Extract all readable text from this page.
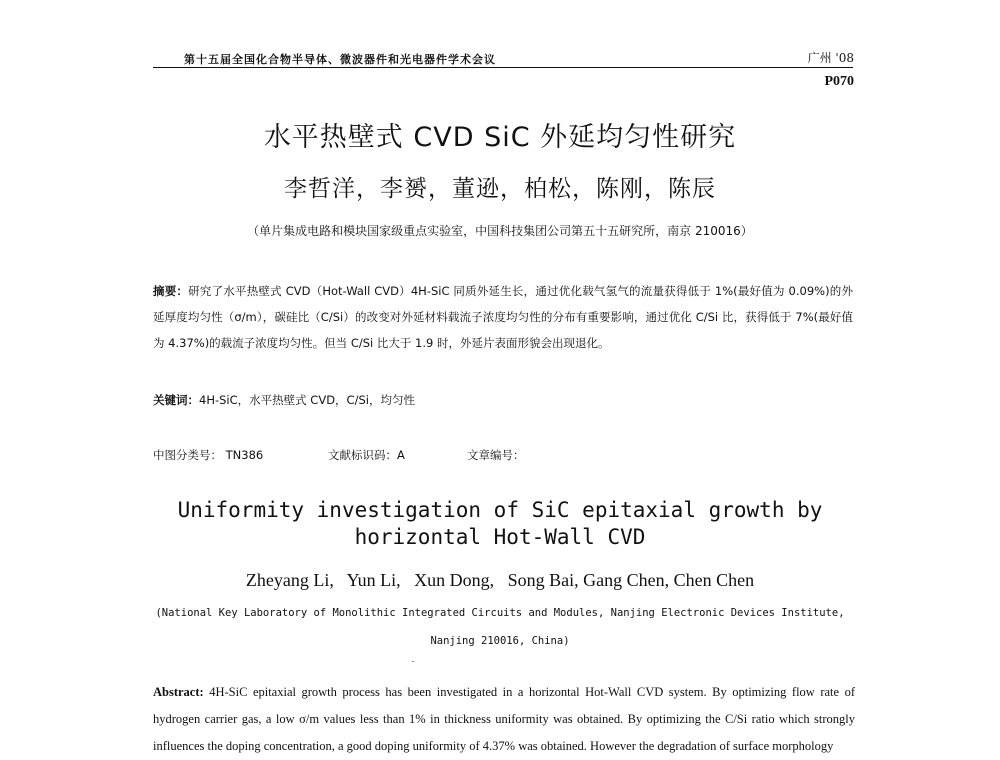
第十五届全国化合物半导体、微波器件和光电器件学术会议	广州 '08
P070
水平热壁式 CVD SiC 外延均匀性研究
李哲洋，李赟，董逊，柏松，陈刚，陈辰
（单片集成电路和模块国家级重点实验室，中国科技集团公司第五十五研究所，南京 210016）
摘要：研究了水平热壁式 CVD（Hot-Wall CVD）4H-SiC 同质外延生长，通过优化载气氢气的流量获得低于 1%(最好值为 0.09%)的外延厚度均匀性（σ/m），碳硅比（C/Si）的改变对外延材料载流子浓度均匀性的分布有重要影响，通过优化 C/Si 比，获得低于 7%(最好值为 4.37%)的载流子浓度均匀性。但当 C/Si 比大于 1.9 时，外延片表面形貌会出现退化。
关键词：4H-SiC，水平热壁式 CVD，C/Si，均匀性
中图分类号： TN386	文献标识码：A	文章编号：
Uniformity investigation of SiC epitaxial growth by
horizontal Hot-Wall CVD
Zheyang Li,   Yun Li,   Xun Dong,   Song Bai, Gang Chen, Chen Chen
(National Key Laboratory of Monolithic Integrated Circuits and Modules, Nanjing Electronic Devices Institute,
Nanjing 210016, China)
Abstract: 4H-SiC epitaxial growth process has been investigated in a horizontal Hot-Wall CVD system. By optimizing flow rate of hydrogen carrier gas, a low σ/m values less than 1% in thickness uniformity was obtained. By optimizing the C/Si ratio which strongly influences the doping concentration, a good doping uniformity of 4.37% was obtained. However the degradation of surface morphology
